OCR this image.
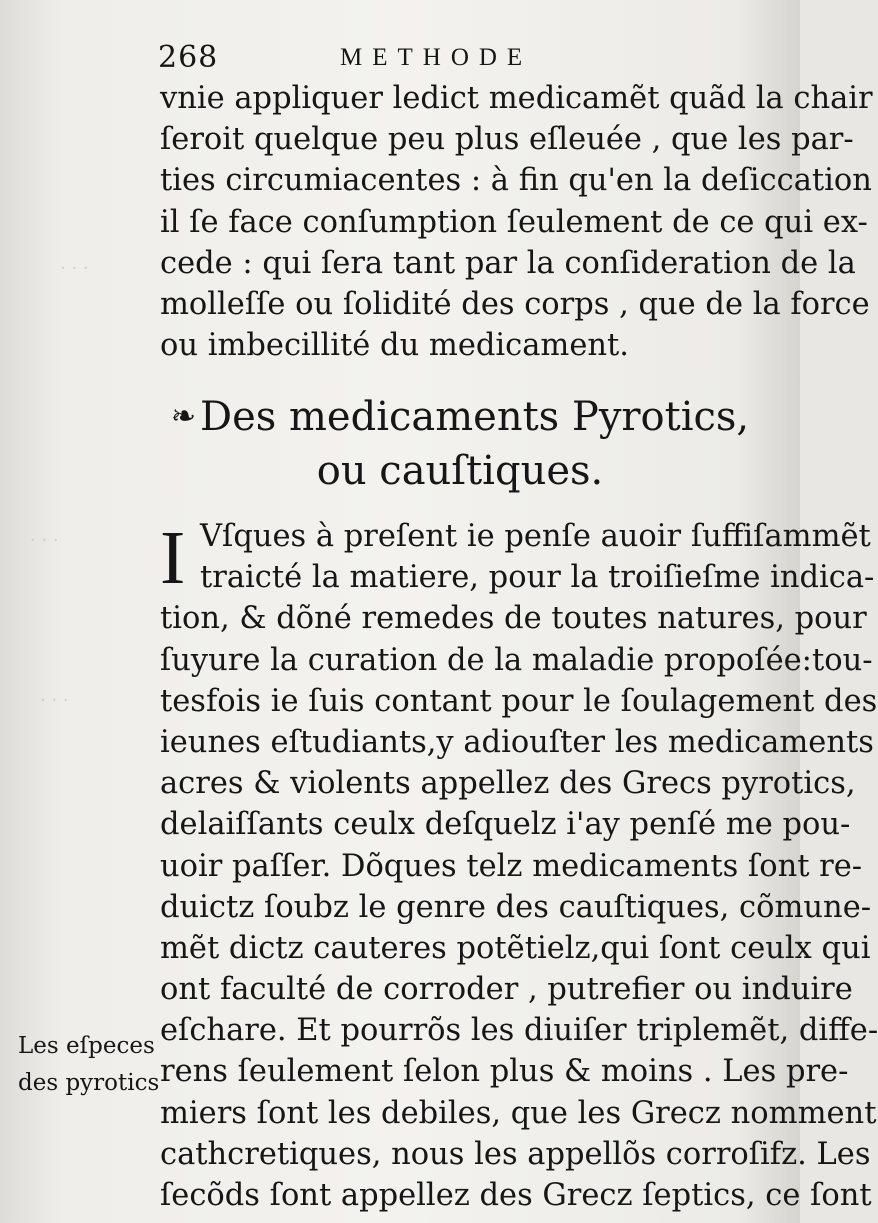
· · ·
· · ·
· · ·
268	METHODE
vnie appliquer ledict medicamẽt quãd la chair
ſeroit quelque peu plus eſleuée , que les par-
ties circumiacentes : à fin qu'en la deſiccation
il ſe face conſumption ſeulement de ce qui ex-
cede : qui ſera tant par la conſideration de la
molleſſe ou ſolidité des corps , que de la force
ou imbecillité du medicament.
❧ Des medicaments Pyrotics,
ou cauſtiques.
I Vſques à preſent ie penſe auoir ſuffiſammẽt
traicté la matiere, pour la troiſieſme indica-
tion, & dõné remedes de toutes natures, pour
ſuyure la curation de la maladie propoſée:tou-
tesfois ie ſuis contant pour le ſoulagement des
ieunes eſtudiants,y adiouſter les medicaments
acres & violents appellez des Grecs pyrotics,
delaiſſants ceulx deſquelz i'ay penſé me pou-
uoir paſſer. Dõques telz medicaments ſont re-
duictz ſoubz le genre des cauſtiques, cõmune-
mẽt dictz cauteres potẽtielz,qui ſont ceulx qui
ont faculté de corroder , putrefier ou induire
eſchare. Et pourrõs les diuiſer triplemẽt, diffe-
rens ſeulement ſelon plus & moins . Les pre-
miers ſont les debiles, que les Grecz nomment
cathcretiques, nous les appellõs corroſifz. Les
ſecõds ſont appellez des Grecz ſeptics, ce ſont
Les eſpeces
des pyrotics
